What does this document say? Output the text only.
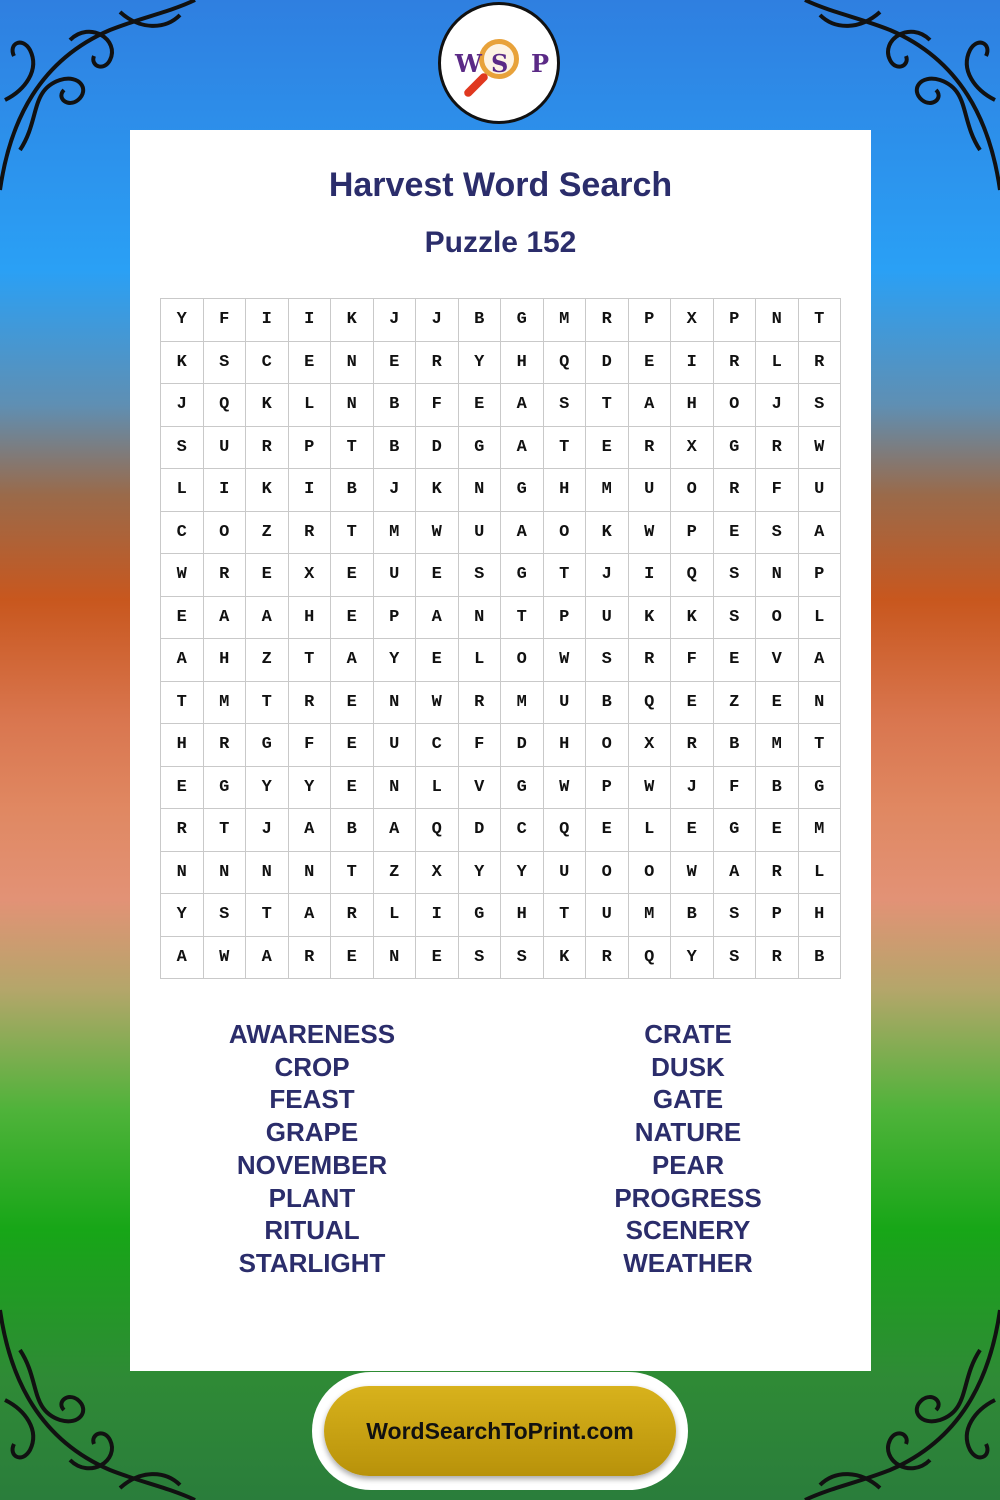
W S P
Harvest Word Search
Puzzle 152
Y	F	I	I	K	J	J	B	G	M	R	P	X	P	N	T
K	S	C	E	N	E	R	Y	H	Q	D	E	I	R	L	R
J	Q	K	L	N	B	F	E	A	S	T	A	H	O	J	S
S	U	R	P	T	B	D	G	A	T	E	R	X	G	R	W
L	I	K	I	B	J	K	N	G	H	M	U	O	R	F	U
C	O	Z	R	T	M	W	U	A	O	K	W	P	E	S	A
W	R	E	X	E	U	E	S	G	T	J	I	Q	S	N	P
E	A	A	H	E	P	A	N	T	P	U	K	K	S	O	L
A	H	Z	T	A	Y	E	L	O	W	S	R	F	E	V	A
T	M	T	R	E	N	W	R	M	U	B	Q	E	Z	E	N
H	R	G	F	E	U	C	F	D	H	O	X	R	B	M	T
E	G	Y	Y	E	N	L	V	G	W	P	W	J	F	B	G
R	T	J	A	B	A	Q	D	C	Q	E	L	E	G	E	M
N	N	N	N	T	Z	X	Y	Y	U	O	O	W	A	R	L
Y	S	T	A	R	L	I	G	H	T	U	M	B	S	P	H
A	W	A	R	E	N	E	S	S	K	R	Q	Y	S	R	B
AWARENESS
CROP
FEAST
GRAPE
NOVEMBER
PLANT
RITUAL
STARLIGHT
CRATE
DUSK
GATE
NATURE
PEAR
PROGRESS
SCENERY
WEATHER
WordSearchToPrint.com
